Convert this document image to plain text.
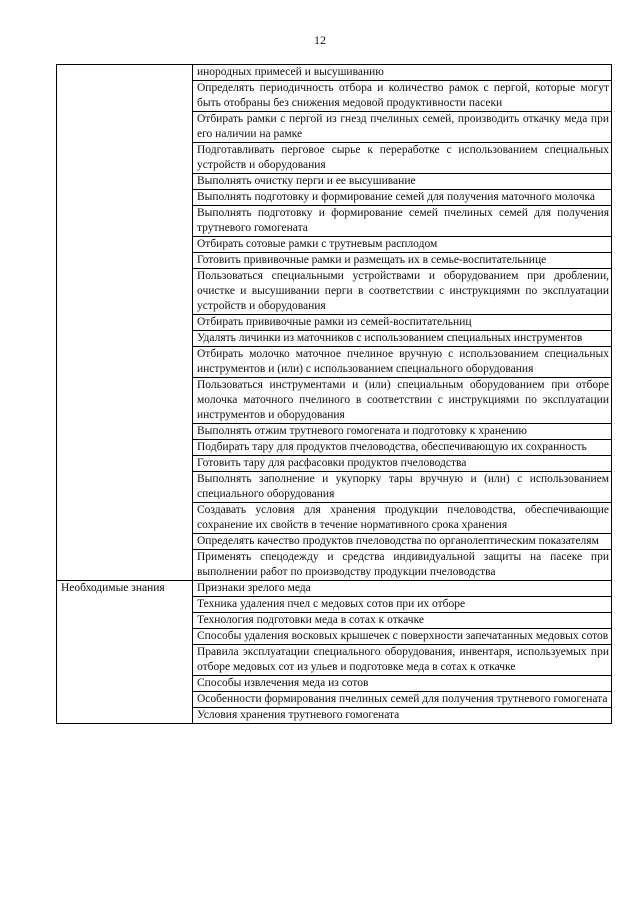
12
	инородных примесей и высушиванию
	Определять периодичность отбора и количество рамок с пергой, которые могут быть отобраны без снижения медовой продуктивности пасеки
	Отбирать рамки с пергой из гнезд пчелиных семей, производить откачку меда при его наличии на рамке
	Подготавливать перговое сырье к переработке с использованием специальных устройств и оборудования
	Выполнять очистку перги и ее высушивание
	Выполнять подготовку и формирование семей для получения маточного молочка
	Выполнять подготовку и формирование семей пчелиных семей для получения трутневого гомогената
	Отбирать сотовые рамки с трутневым расплодом
	Готовить прививочные рамки и размещать их в семье-воспитательнице
	Пользоваться специальными устройствами и оборудованием при дроблении, очистке и высушивании перги в соответствии с инструкциями по эксплуатации устройств и оборудования
	Отбирать прививочные рамки из семей-воспитательниц
	Удалять личинки из маточников с использованием специальных инструментов
	Отбирать молочко маточное пчелиное вручную с использованием специальных инструментов и (или) с использованием специального оборудования
	Пользоваться инструментами и (или) специальным оборудованием при отборе молочка маточного пчелиного в соответствии с инструкциями по эксплуатации инструментов и оборудования
	Выполнять отжим трутневого гомогената и подготовку к хранению
	Подбирать тару для продуктов пчеловодства, обеспечивающую их сохранность
	Готовить тару для расфасовки продуктов пчеловодства
	Выполнять заполнение и укупорку тары вручную и (или) с использованием специального оборудования
	Создавать условия для хранения продукции пчеловодства, обеспечивающие сохранение их свойств в течение нормативного срока хранения
	Определять качество продуктов пчеловодства по органолептическим показателям
	Применять спецодежду и средства индивидуальной защиты на пасеке при выполнении работ по производству продукции пчеловодства
Необходимые знания	Признаки зрелого меда
	Техника удаления пчел с медовых сотов при их отборе
	Технология подготовки меда в сотах к откачке
	Способы удаления восковых крышечек с поверхности запечатанных медовых сотов
	Правила эксплуатации специального оборудования, инвентаря, используемых при отборе медовых сот из ульев и подготовке меда в сотах к откачке
	Способы извлечения меда из сотов
	Особенности формирования пчелиных семей для получения трутневого гомогената
	Условия хранения трутневого гомогената
